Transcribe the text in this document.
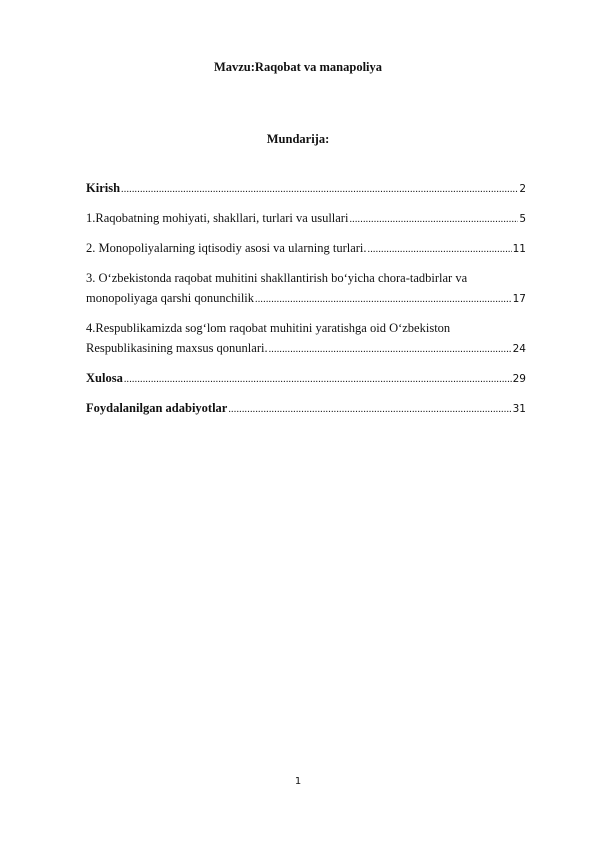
Mavzu:Raqobat va manapoliya
Mundarija:
Kirish .....	2
1.Raqobatning mohiyati, shakllari, turlari va usullari .....	5
2. Monopoliyalarning iqtisodiy asosi va ularning turlari. .....	11
3. O‘zbekistonda raqobat muhitini shakllantirish bo‘yicha chora-tadbirlar va
monopoliyaga qarshi qonunchilik .....	17
4.Respublikamizda sog‘lom raqobat muhitini yaratishga oid O‘zbekiston
Respublikasining maxsus qonunlari. .....	24
Xulosa .....	29
Foydalanilgan adabiyotlar .....	31
1
